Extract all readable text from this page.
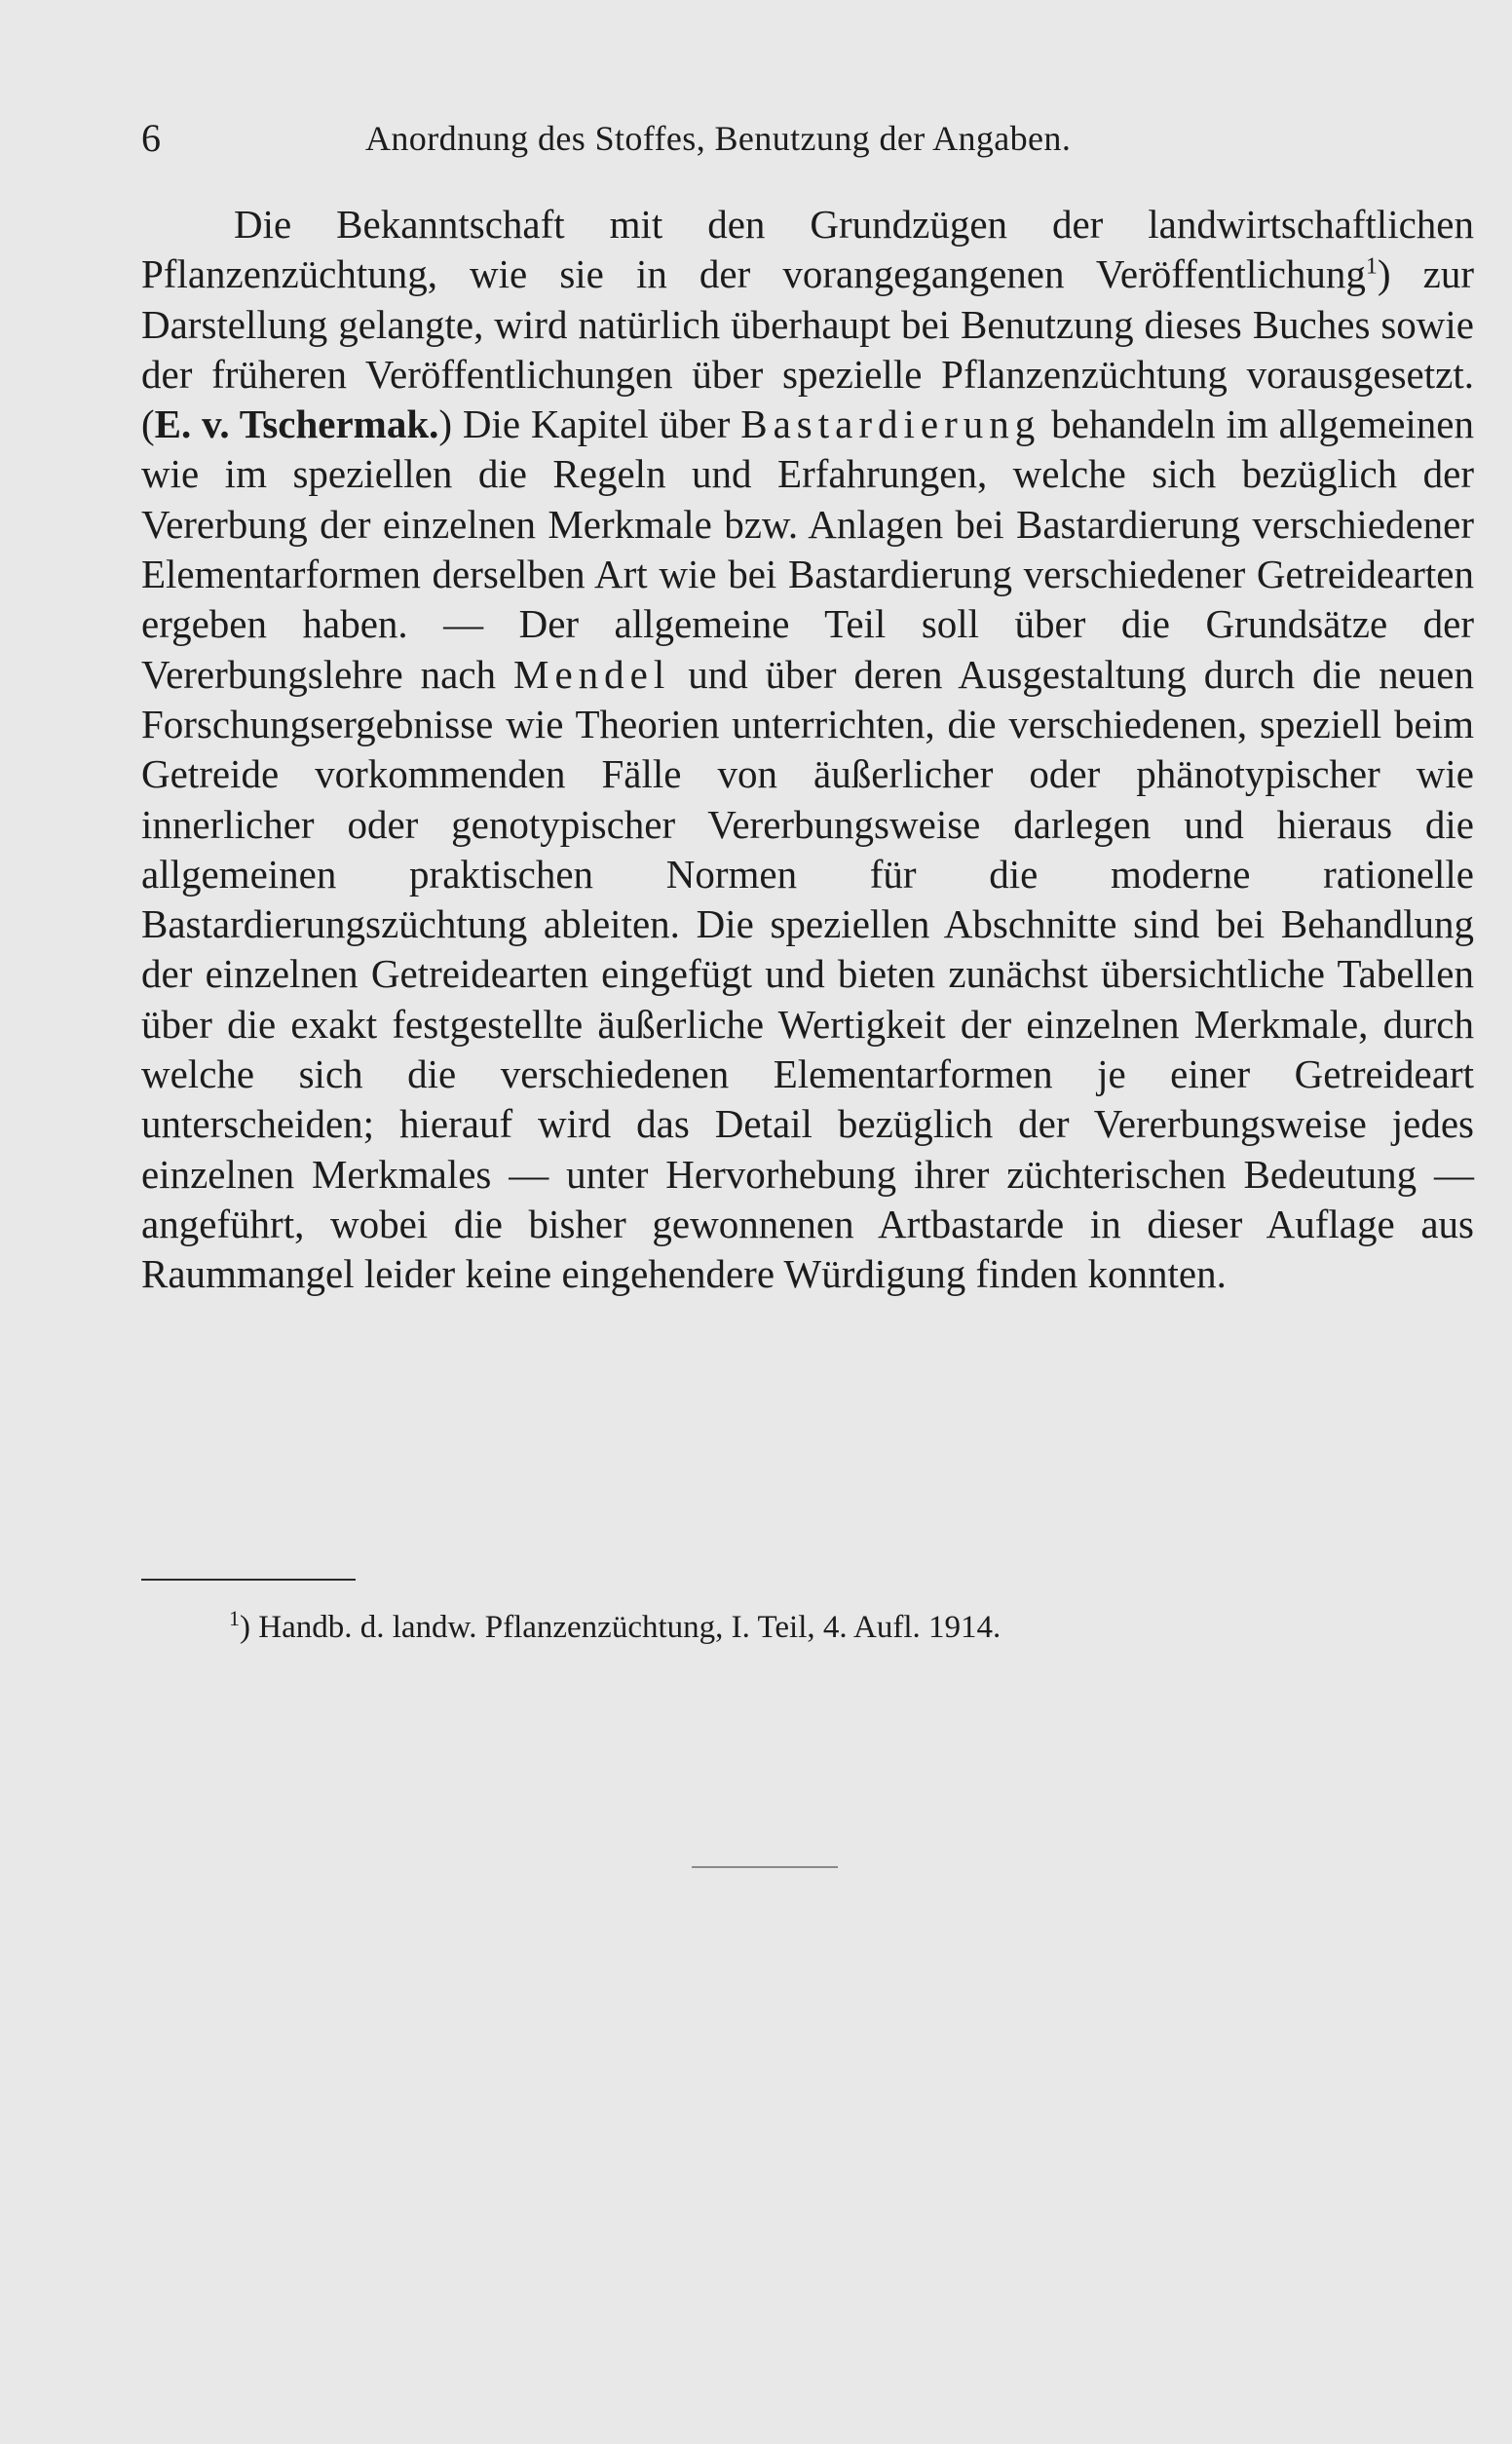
6	Anordnung des Stoffes, Benutzung der Angaben.

Die Bekanntschaft mit den Grundzügen der landwirtschaftlichen Pflanzenzüchtung, wie sie in der vorangegangenen Veröffentlichung$^1$) zur Darstellung gelangte, wird natürlich überhaupt bei Benutzung dieses Buches sowie der früheren Veröffentlichungen über spezielle Pflanzenzüchtung vorausgesetzt. (E. v. Tschermak.) Die Kapitel über Bastardierung behandeln im allgemeinen wie im speziellen die Regeln und Erfahrungen, welche sich bezüglich der Vererbung der einzelnen Merkmale bzw. Anlagen bei Bastardierung verschiedener Elementarformen derselben Art wie bei Bastardierung verschiedener Getreidearten ergeben haben. — Der allgemeine Teil soll über die Grundsätze der Vererbungslehre nach Mendel und über deren Ausgestaltung durch die neuen Forschungsergebnisse wie Theorien unterrichten, die verschiedenen, speziell beim Getreide vorkommenden Fälle von äußerlicher oder phänotypischer wie innerlicher oder genotypischer Vererbungsweise darlegen und hieraus die allgemeinen praktischen Normen für die moderne rationelle Bastardierungszüchtung ableiten. Die speziellen Abschnitte sind bei Behandlung der einzelnen Getreidearten eingefügt und bieten zunächst übersichtliche Tabellen über die exakt festgestellte äußerliche Wertigkeit der einzelnen Merkmale, durch welche sich die verschiedenen Elementarformen je einer Getreideart unterscheiden; hierauf wird das Detail bezüglich der Vererbungsweise jedes einzelnen Merkmales — unter Hervorhebung ihrer züchterischen Bedeutung — angeführt, wobei die bisher gewonnenen Artbastarde in dieser Auflage aus Raummangel leider keine eingehendere Würdigung finden konnten.

$^1$) Handb. d. landw. Pflanzenzüchtung, I. Teil, 4. Aufl. 1914.
